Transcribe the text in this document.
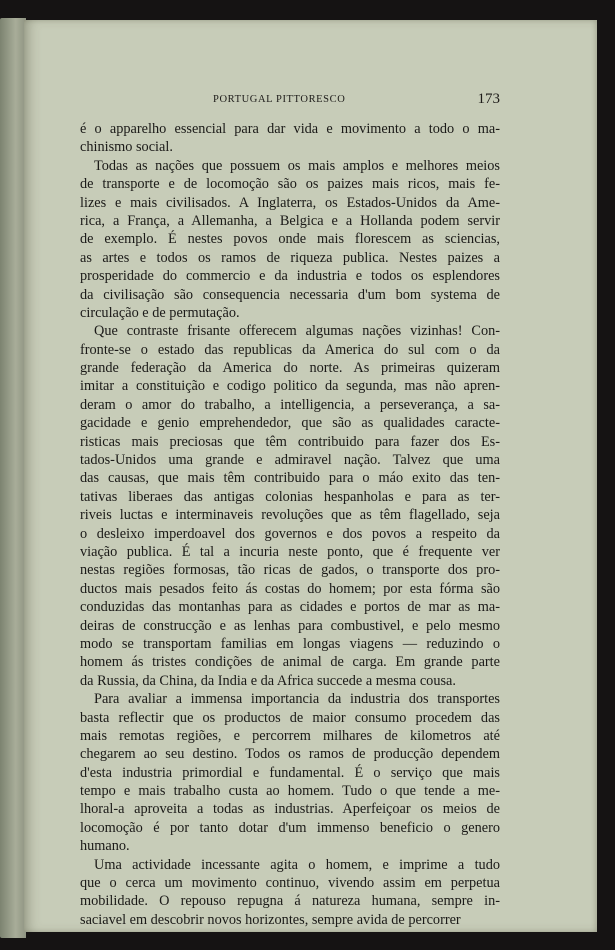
PORTUGAL PITTORESCO	173
é o apparelho essencial para dar vida e movimento a todo o ma-
chinismo social.
Todas as nações que possuem os mais amplos e melhores meios
de transporte e de locomoção são os paizes mais ricos, mais fe-
lizes e mais civilisados. A Inglaterra, os Estados-Unidos da Ame-
rica, a França, a Allemanha, a Belgica e a Hollanda podem servir
de exemplo. É nestes povos onde mais florescem as sciencias,
as artes e todos os ramos de riqueza publica. Nestes paizes a
prosperidade do commercio e da industria e todos os esplendores
da civilisação são consequencia necessaria d'um bom systema de
circulação e de permutação.
Que contraste frisante offerecem algumas nações vizinhas! Con-
fronte-se o estado das republicas da America do sul com o da
grande federação da America do norte. As primeiras quizeram
imitar a constituição e codigo politico da segunda, mas não apren-
deram o amor do trabalho, a intelligencia, a perseverança, a sa-
gacidade e genio emprehendedor, que são as qualidades caracte-
risticas mais preciosas que têm contribuido para fazer dos Es-
tados-Unidos uma grande e admiravel nação. Talvez que uma
das causas, que mais têm contribuido para o máo exito das ten-
tativas liberaes das antigas colonias hespanholas e para as ter-
riveis luctas e interminaveis revoluções que as têm flagellado, seja
o desleixo imperdoavel dos governos e dos povos a respeito da
viação publica. É tal a incuria neste ponto, que é frequente ver
nestas regiões formosas, tão ricas de gados, o transporte dos pro-
ductos mais pesados feito ás costas do homem; por esta fórma são
conduzidas das montanhas para as cidades e portos de mar as ma-
deiras de construcção e as lenhas para combustivel, e pelo mesmo
modo se transportam familias em longas viagens — reduzindo o
homem ás tristes condições de animal de carga. Em grande parte
da Russia, da China, da India e da Africa succede a mesma cousa.
Para avaliar a immensa importancia da industria dos transportes
basta reflectir que os productos de maior consumo procedem das
mais remotas regiões, e percorrem milhares de kilometros até
chegarem ao seu destino. Todos os ramos de producção dependem
d'esta industria primordial e fundamental. É o serviço que mais
tempo e mais trabalho custa ao homem. Tudo o que tende a me-
lhoral-a aproveita a todas as industrias. Aperfeiçoar os meios de
locomoção é por tanto dotar d'um immenso beneficio o genero
humano.
Uma actividade incessante agita o homem, e imprime a tudo
que o cerca um movimento continuo, vivendo assim em perpetua
mobilidade. O repouso repugna á natureza humana, sempre in-
saciavel em descobrir novos horizontes, sempre avida de percorrer
